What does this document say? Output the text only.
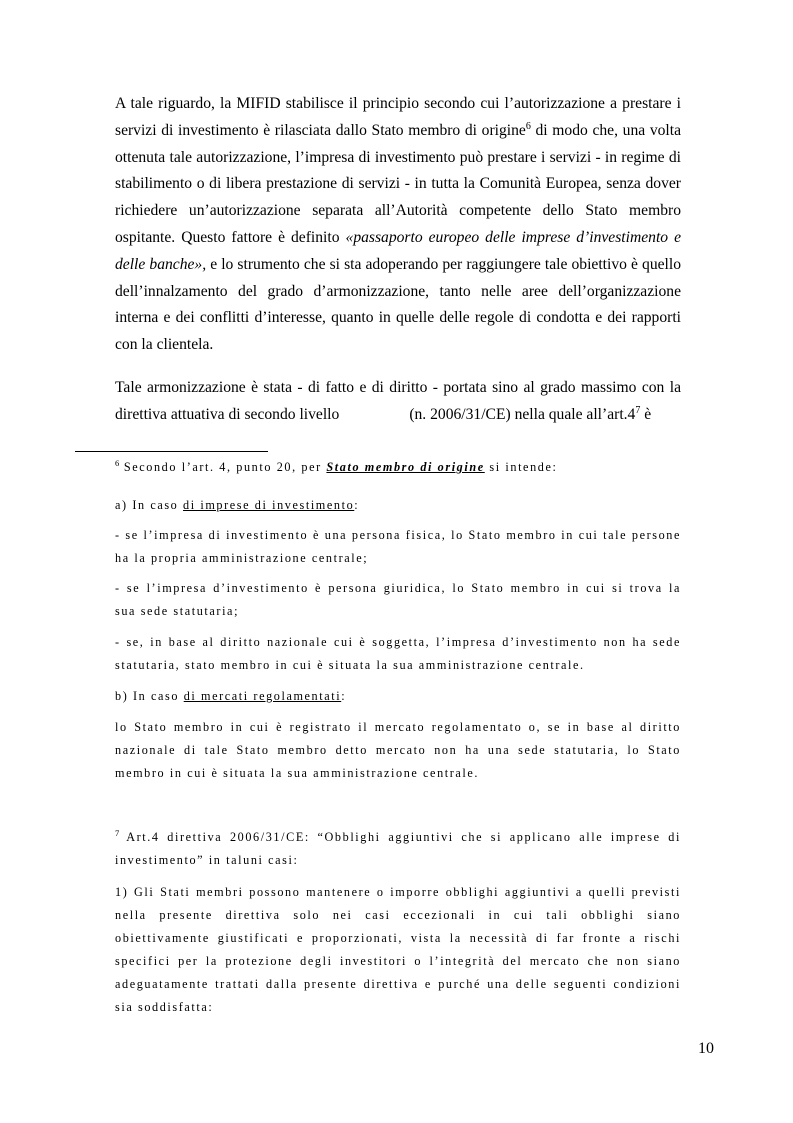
A tale riguardo, la MIFID stabilisce il principio secondo cui l’autorizzazione a prestare i servizi di investimento è rilasciata dallo Stato membro di origine$^6$ di modo che, una volta ottenuta tale autorizzazione, l’impresa di investimento può prestare i servizi - in regime di stabilimento o di libera prestazione di servizi - in tutta la Comunità Europea, senza dover richiedere un’autorizzazione separata all’Autorità competente dello Stato membro ospitante. Questo fattore è definito «passaporto europeo delle imprese d’investimento e delle banche», e lo strumento che si sta adoperando per raggiungere tale obiettivo è quello dell’innalzamento del grado d’armonizzazione, tanto nelle aree dell’organizzazione interna e dei conflitti d’interesse, quanto in quelle delle regole di condotta e dei rapporti con la clientela.
Tale armonizzazione è stata - di fatto e di diritto - portata sino al grado massimo con la direttiva attuativa di secondo livello	(n. 2006/31/CE) nella quale $all’art.4^7$ è
$^6$ Secondo l’art. 4, punto 20, per Stato membro di origine si intende:
a) In caso di imprese di investimento:
- se l’impresa di investimento è una persona fisica, lo Stato membro in cui tale persone ha la propria amministrazione centrale;
- se l’impresa d’investimento è persona giuridica, lo Stato membro in cui si trova la sua sede statutaria;
- se, in base al diritto nazionale cui è soggetta, l’impresa d’investimento non ha sede statutaria, stato membro in cui è situata la sua amministrazione centrale.
b) In caso di mercati regolamentati:
lo Stato membro in cui è registrato il mercato regolamentato o, se in base al diritto nazionale di tale Stato membro detto mercato non ha una sede statutaria, lo Stato membro in cui è situata la sua amministrazione centrale.
$^7$ Art.4 direttiva 2006/31/CE: “Obblighi aggiuntivi che si applicano alle imprese di investimento” in taluni casi:
1) Gli Stati membri possono mantenere o imporre obblighi aggiuntivi a quelli previsti nella presente direttiva solo nei casi eccezionali in cui tali obblighi siano obiettivamente giustificati e proporzionati, vista la necessità di far fronte a rischi specifici per la protezione degli investitori o l’integrità del mercato che non siano adeguatamente trattati dalla presente direttiva e purché una delle seguenti condizioni sia soddisfatta:
10
